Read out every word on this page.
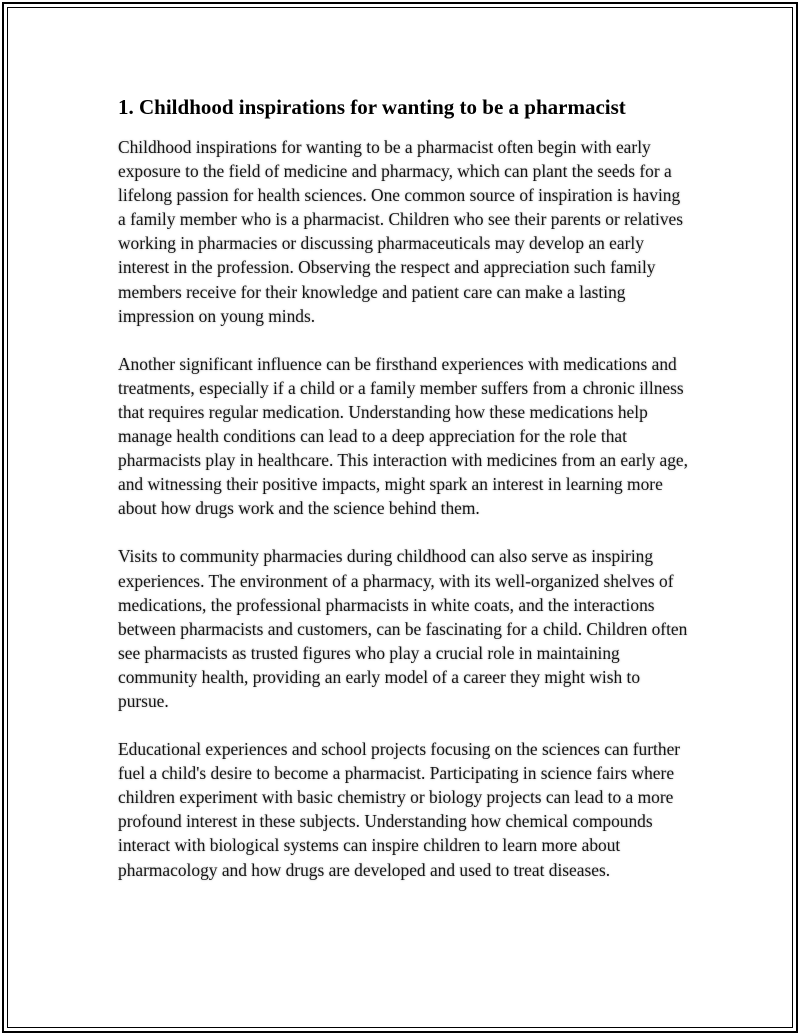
1. Childhood inspirations for wanting to be a pharmacist

Childhood inspirations for wanting to be a pharmacist often begin with early exposure to the field of medicine and pharmacy, which can plant the seeds for a lifelong passion for health sciences. One common source of inspiration is having a family member who is a pharmacist. Children who see their parents or relatives working in pharmacies or discussing pharmaceuticals may develop an early interest in the profession. Observing the respect and appreciation such family members receive for their knowledge and patient care can make a lasting impression on young minds.

Another significant influence can be firsthand experiences with medications and treatments, especially if a child or a family member suffers from a chronic illness that requires regular medication. Understanding how these medications help manage health conditions can lead to a deep appreciation for the role that pharmacists play in healthcare. This interaction with medicines from an early age, and witnessing their positive impacts, might spark an interest in learning more about how drugs work and the science behind them.

Visits to community pharmacies during childhood can also serve as inspiring experiences. The environment of a pharmacy, with its well-organized shelves of medications, the professional pharmacists in white coats, and the interactions between pharmacists and customers, can be fascinating for a child. Children often see pharmacists as trusted figures who play a crucial role in maintaining community health, providing an early model of a career they might wish to pursue.

Educational experiences and school projects focusing on the sciences can further fuel a child's desire to become a pharmacist. Participating in science fairs where children experiment with basic chemistry or biology projects can lead to a more profound interest in these subjects. Understanding how chemical compounds interact with biological systems can inspire children to learn more about pharmacology and how drugs are developed and used to treat diseases.
